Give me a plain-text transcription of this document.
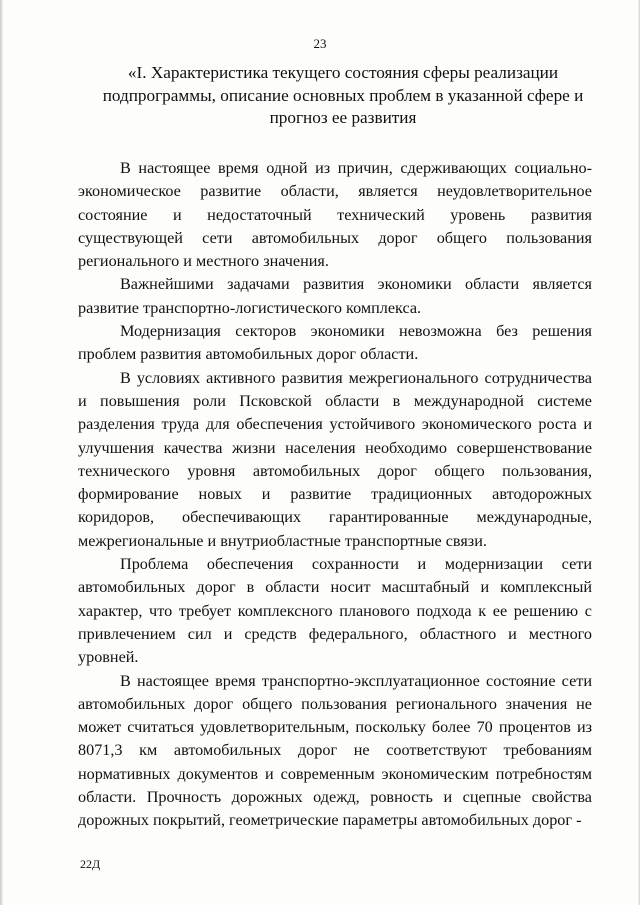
23
«I. Характеристика текущего состояния сферы реализации подпрограммы, описание основных проблем в указанной сфере и прогноз ее развития

В настоящее время одной из причин, сдерживающих социально-экономическое развитие области, является неудовлетворительное состояние и недостаточный технический уровень развития существующей сети автомобильных дорог общего пользования регионального и местного значения.

Важнейшими задачами развития экономики области является развитие транспортно-логистического комплекса.

Модернизация секторов экономики невозможна без решения проблем развития автомобильных дорог области.

В условиях активного развития межрегионального сотрудничества и повышения роли Псковской области в международной системе разделения труда для обеспечения устойчивого экономического роста и улучшения качества жизни населения необходимо совершенствование технического уровня автомобильных дорог общего пользования, формирование новых и развитие традиционных автодорожных коридоров, обеспечивающих гарантированные международные, межрегиональные и внутриобластные транспортные связи.

Проблема обеспечения сохранности и модернизации сети автомобильных дорог в области носит масштабный и комплексный характер, что требует комплексного планового подхода к ее решению с привлечением сил и средств федерального, областного и местного уровней.

В настоящее время транспортно-эксплуатационное состояние сети автомобильных дорог общего пользования регионального значения не может считаться удовлетворительным, поскольку более 70 процентов из 8071,3 км автомобильных дорог не соответствуют требованиям нормативных документов и современным экономическим потребностям области. Прочность дорожных одежд, ровность и сцепные свойства дорожных покрытий, геометрические параметры автомобильных дорог -

22Д
